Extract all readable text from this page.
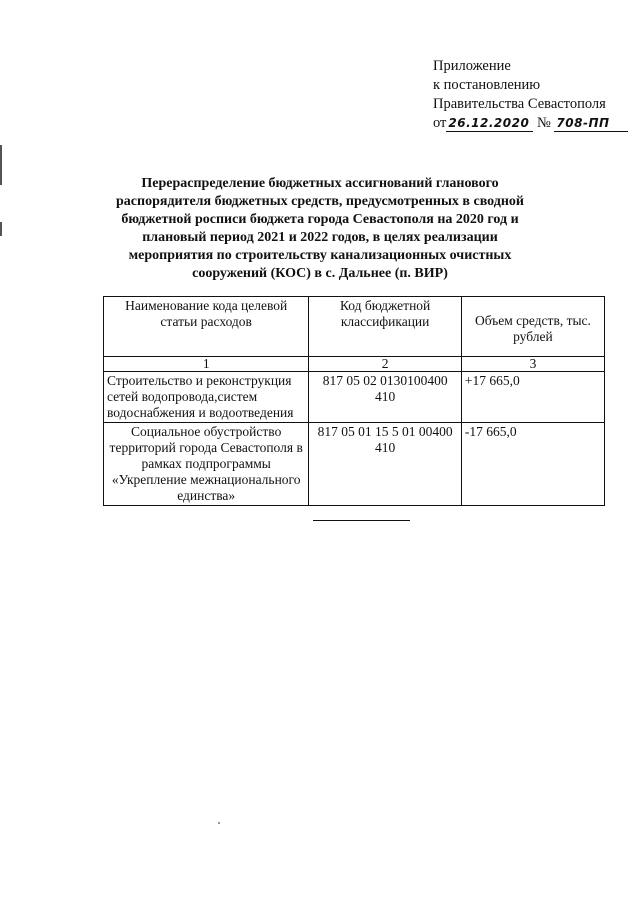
Приложение
к постановлению
Правительства Севастополя
от 26.12.2020 № 708-ПП
Перераспределение бюджетных ассигнований гланового распорядителя бюджетных средств, предусмотренных в сводной бюджетной росписи бюджета города Севастополя на 2020 год и плановый период 2021 и 2022 годов, в целях реализации мероприятия по строительству канализационных очистных сооружений (КОС) в с. Дальнее (п. ВИР)
Наименование кода целевой статьи расходов	Код бюджетной классификации	Объем средств, тыс. рублей
1	2	3
Строительство и реконструкция сетей водопровода,систем водоснабжения и водоотведения	817 05 02 0130100400 410	+17 665,0
Социальное обустройство территорий города Севастополя в рамках подпрограммы «Укрепление межнационального единства»	817 05 01 15 5 01 00400 410	-17 665,0
